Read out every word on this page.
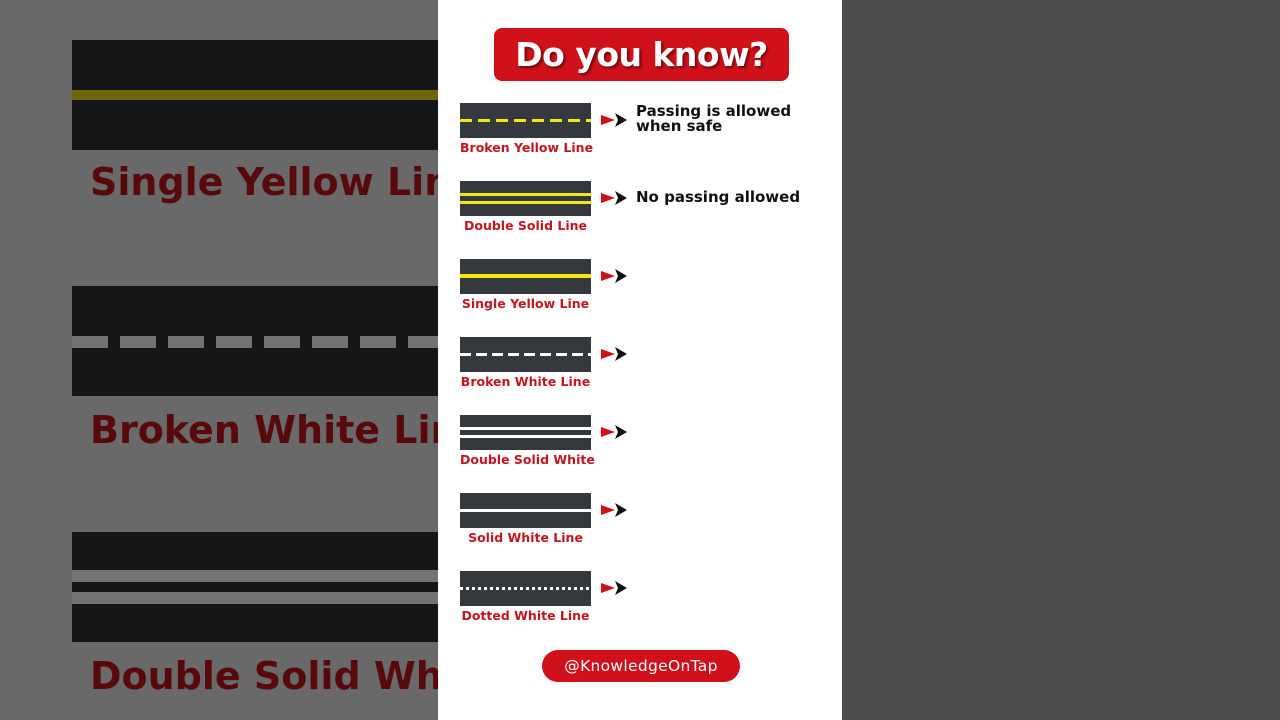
Do you know?
Broken Yellow Line
Passing is allowed when safe
Double Solid Line
No passing allowed
Single Yellow Line
Broken White Line
Double Solid White
Solid White Line
Dotted White Line
@KnowledgeOnTap
